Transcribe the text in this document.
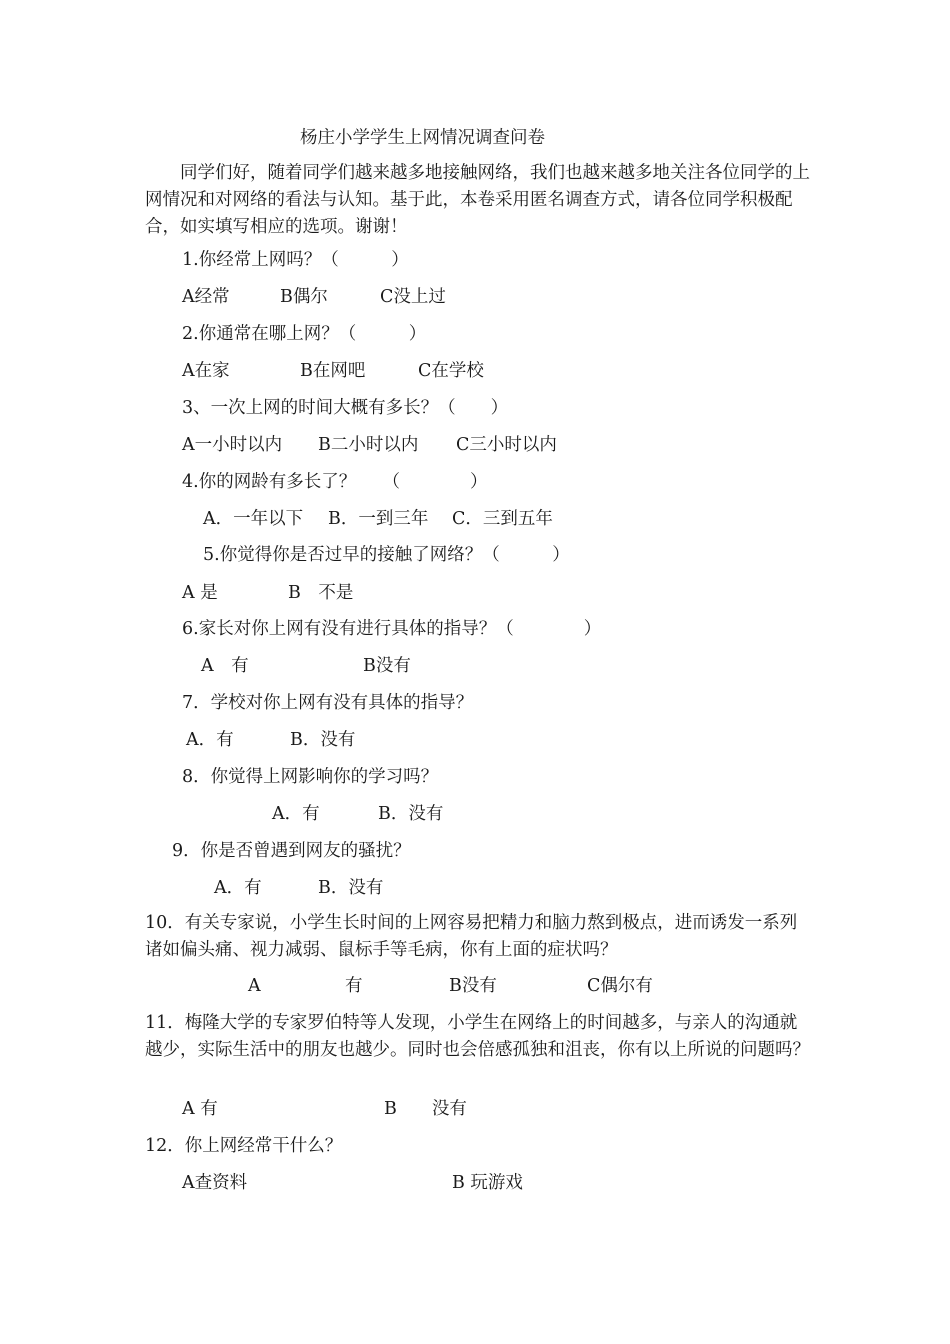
杨庄小学学生上网情况调查问卷
同学们好，随着同学们越来越多地接触网络，我们也越来越多地关注各位同学的上网情况和对网络的看法与认知。基于此，本卷采用匿名调查方式，请各位同学积极配合，如实填写相应的选项。谢谢！
1.你经常上网吗？（　　　）
A经常	B偶尔	C没上过
2.你通常在哪上网？（　　　）
A在家	B在网吧	C在学校
3、一次上网的时间大概有多长？（　　）
A一小时以内 B二小时以内 C三小时以内
4.你的网龄有多长了？　　（　　　　）
A．一年以下 B．一到三年 C．三到五年
5.你觉得你是否过早的接触了网络？（　　　）
A 是	B　不是
6.家长对你上网有没有进行具体的指导？（　　　　）
A　有	B没有
7．学校对你上网有没有具体的指导？
A．有	B．没有
8．你觉得上网影响你的学习吗？
A．有	B．没有
9．你是否曾遇到网友的骚扰？
A．有	B．没有
10．有关专家说，小学生长时间的上网容易把精力和脑力熬到极点，进而诱发一系列诸如偏头痛、视力减弱、鼠标手等毛病，你有上面的症状吗？
A	有	B没有	C偶尔有
11．梅隆大学的专家罗伯特等人发现，小学生在网络上的时间越多，与亲人的沟通就越少，实际生活中的朋友也越少。同时也会倍感孤独和沮丧，你有以上所说的问题吗？
A 有	B　　没有
12．你上网经常干什么？
A查资料	B 玩游戏
